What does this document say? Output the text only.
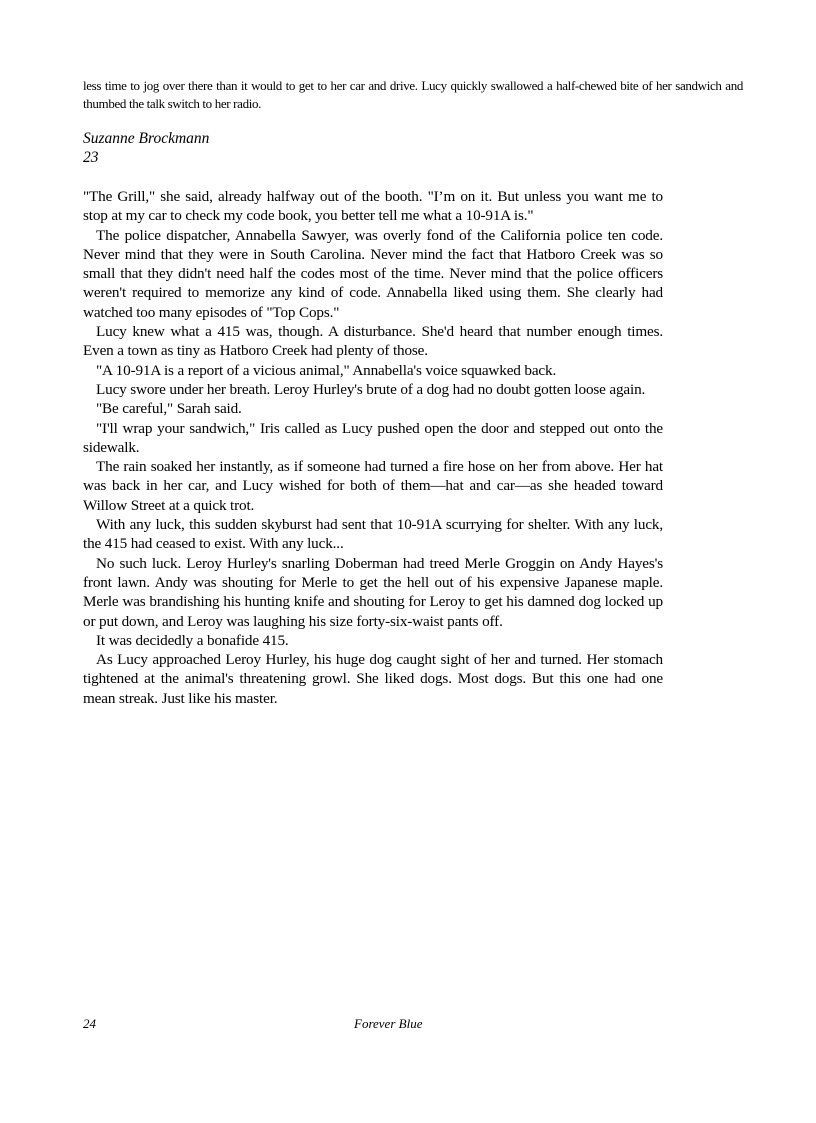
less time to jog over there than it would to get to her car and drive. Lucy quickly swallowed a half-chewed bite of her sandwich and thumbed the talk switch to her radio.

Suzanne Brockmann

23

"The Grill," she said, already halfway out of the booth. "I’m on it. But unless you want me to stop at my car to check my code book, you better tell me what a 10-91A is."

The police dispatcher, Annabella Sawyer, was overly fond of the California police ten code. Never mind that they were in South Carolina. Never mind the fact that Hatboro Creek was so small that they didn't need half the codes most of the time. Never mind that the police officers weren't required to memorize any kind of code. Annabella liked using them. She clearly had watched too many episodes of "Top Cops."

Lucy knew what a 415 was, though. A disturbance. She'd heard that number enough times. Even a town as tiny as Hatboro Creek had plenty of those.

"A 10-91A is a report of a vicious animal," Annabella's voice squawked back.

Lucy swore under her breath. Leroy Hurley's brute of a dog had no doubt gotten loose again.

"Be careful," Sarah said.

"I'll wrap your sandwich," Iris called as Lucy pushed open the door and stepped out onto the sidewalk.

The rain soaked her instantly, as if someone had turned a fire hose on her from above. Her hat was back in her car, and Lucy wished for both of them—hat and car—as she headed toward Willow Street at a quick trot.

With any luck, this sudden skyburst had sent that 10-91A scurrying for shelter. With any luck, the 415 had ceased to exist. With any luck...

No such luck. Leroy Hurley's snarling Doberman had treed Merle Groggin on Andy Hayes's front lawn. Andy was shouting for Merle to get the hell out of his expensive Japanese maple. Merle was brandishing his hunting knife and shouting for Leroy to get his damned dog locked up or put down, and Leroy was laughing his size forty-six-waist pants off.

It was decidedly a bonafide 415.

As Lucy approached Leroy Hurley, his huge dog caught sight of her and turned. Her stomach tightened at the animal's threatening growl. She liked dogs. Most dogs. But this one had one mean streak. Just like his master.

24	Forever Blue
